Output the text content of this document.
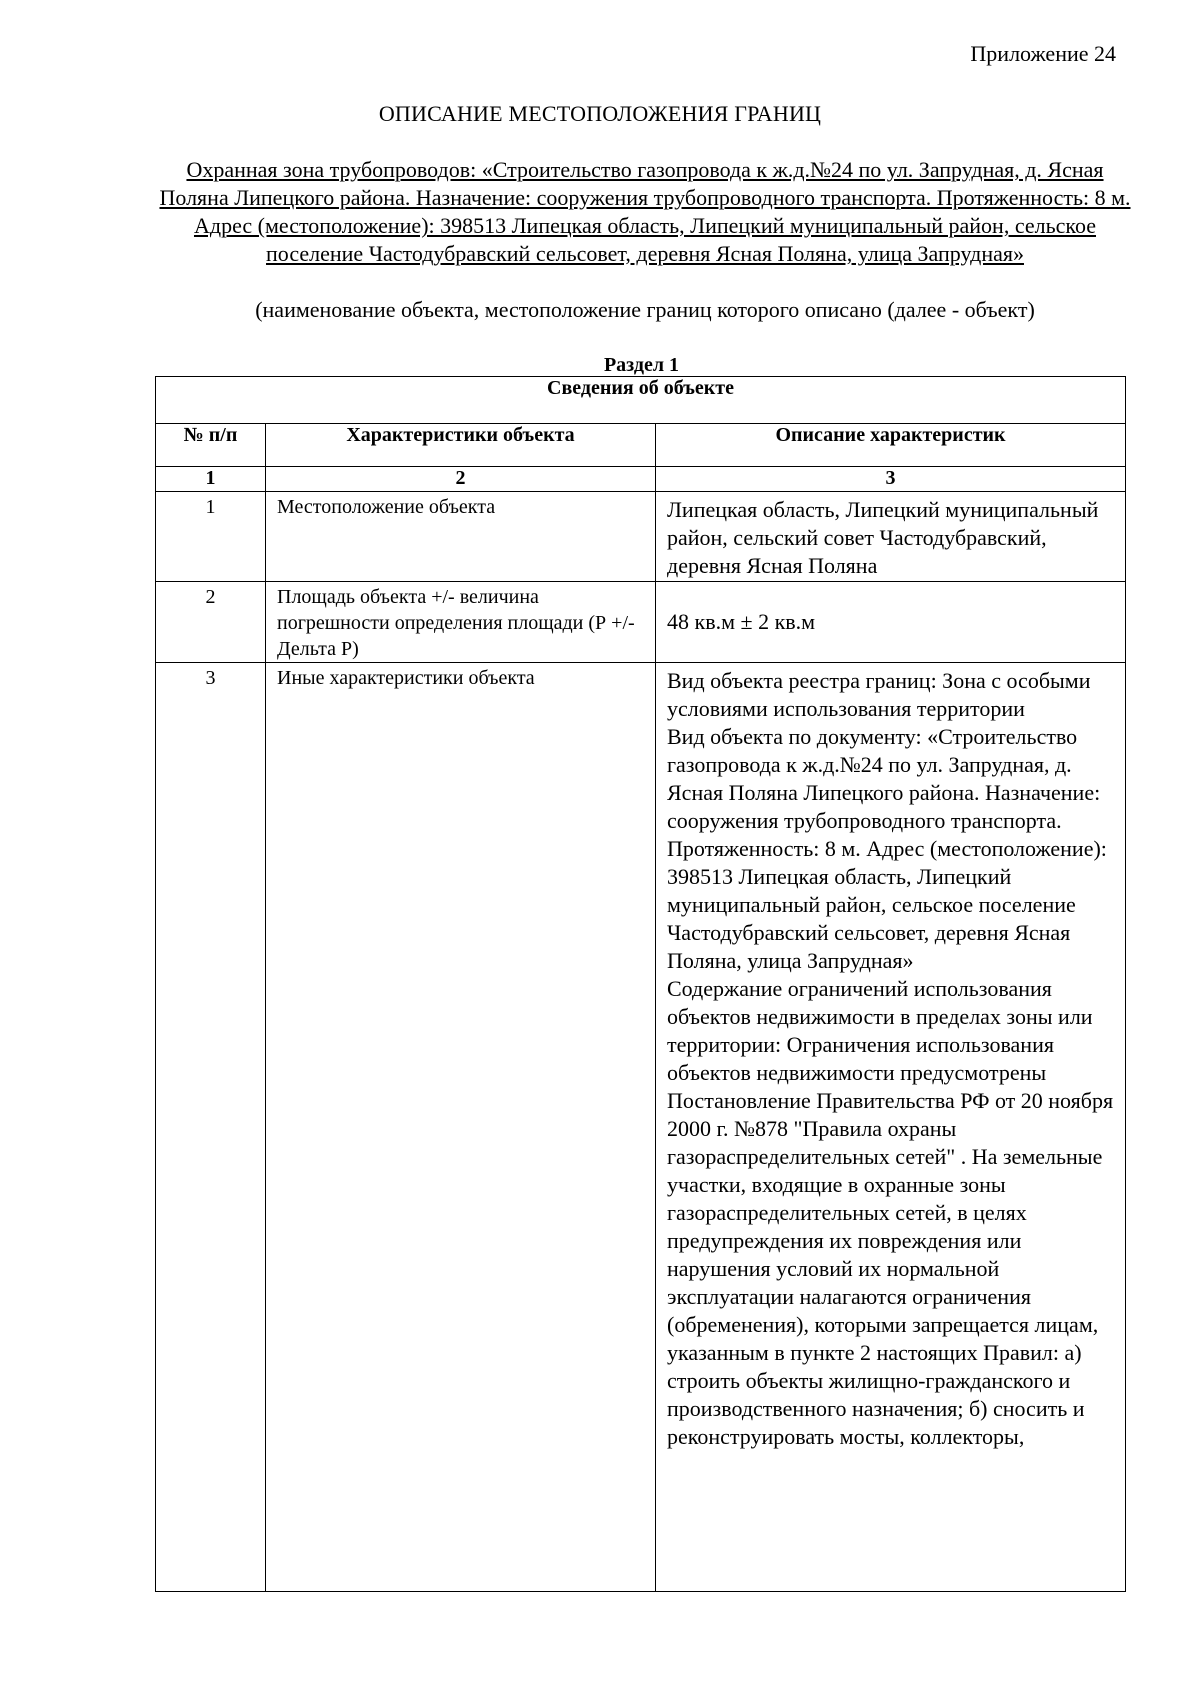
Приложение 24
ОПИСАНИЕ МЕСТОПОЛОЖЕНИЯ ГРАНИЦ
Охранная зона трубопроводов: «Строительство газопровода к ж.д.№24 по ул. Запрудная, д. Ясная Поляна Липецкого района. Назначение: сооружения трубопроводного транспорта. Протяженность: 8 м. Адрес (местоположение): 398513 Липецкая область, Липецкий муниципальный район, сельское поселение Частодубравский сельсовет, деревня Ясная Поляна, улица Запрудная»
(наименование объекта, местоположение границ которого описано (далее - объект)
Раздел 1
Сведения об объекте		
№ п/п	Характеристики объекта	Описание характеристик
1	2	3
1	Местоположение объекта	Липецкая область, Липецкий муниципальный район, сельский совет Частодубравский, деревня Ясная Поляна
2	Площадь объекта +/- величина погрешности определения площади (Р +/- Дельта Р)	48 кв.м ± 2 кв.м
3	Иные характеристики объекта	Вид объекта реестра границ: Зона с особыми условиями использования территории
Вид объекта по документу: «Строительство газопровода к ж.д.№24 по ул. Запрудная, д. Ясная Поляна Липецкого района. Назначение: сооружения трубопроводного транспорта. Протяженность: 8 м. Адрес (местоположение): 398513 Липецкая область, Липецкий муниципальный район, сельское поселение Частодубравский сельсовет, деревня Ясная Поляна, улица Запрудная»
Содержание ограничений использования объектов недвижимости в пределах зоны или территории: Ограничения использования объектов недвижимости предусмотрены Постановление Правительства РФ от 20 ноября 2000 г. №878 "Правила охраны газораспределительных сетей" . На земельные участки, входящие в охранные зоны газораспределительных сетей, в целях предупреждения их повреждения или нарушения условий их нормальной эксплуатации налагаются ограничения (обременения), которыми запрещается лицам, указанным в пункте 2 настоящих Правил: а) строить объекты жилищно-гражданского и производственного назначения; б) сносить и реконструировать мосты, коллекторы,
